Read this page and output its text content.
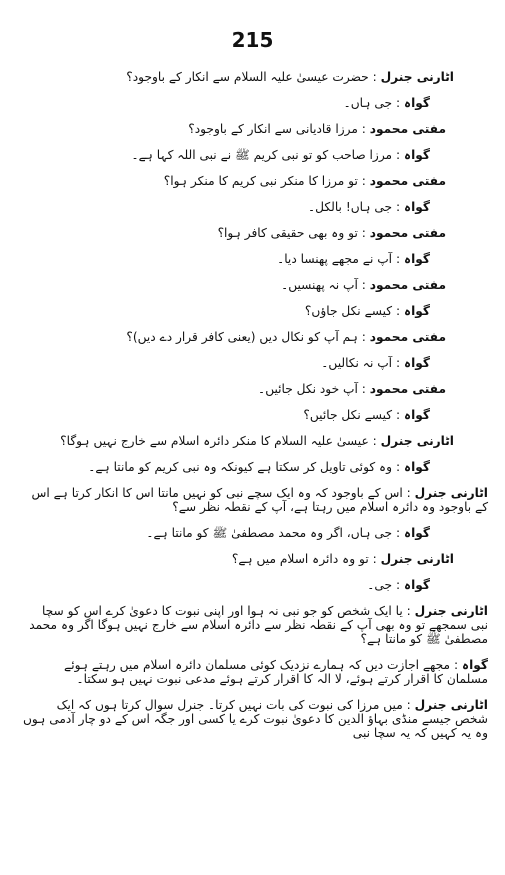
215
اٹارنی جنرل : حضرت عیسیٰ علیہ السلام سے انکار کے باوجود؟
گواہ : جی ہاں۔
مفتی محمود : مرزا قادیانی سے انکار کے باوجود؟
گواہ : مرزا صاحب کو تو نبی کریم ﷺ نے نبی اللہ کہا ہے۔
مفتی محمود : تو مرزا کا منکر نبی کریم کا منکر ہوا؟
گواہ : جی ہاں! بالکل۔
مفتی محمود : تو وہ بھی حقیقی کافر ہوا؟
گواہ : آپ نے مجھے پھنسا دیا۔
مفتی محمود : آپ نہ پھنسیں۔
گواہ : کیسے نکل جاؤں؟
مفتی محمود : ہم آپ کو نکال دیں (یعنی کافر قرار دے دیں)؟
گواہ : آپ نہ نکالیں۔
مفتی محمود : آپ خود نکل جائیں۔
گواہ : کیسے نکل جائیں؟
اٹارنی جنرل : عیسیٰ علیہ السلام کا منکر دائرہ اسلام سے خارج نہیں ہوگا؟
گواہ : وہ کوئی تاویل کر سکتا ہے کیونکہ وہ نبی کریم کو مانتا ہے۔
اٹارنی جنرل : اس کے باوجود کہ وہ ایک سچے نبی کو نہیں مانتا اس کا انکار کرتا ہے اس کے باوجود وہ دائرہ اسلام میں رہتا ہے، آپ کے نقطہ نظر سے؟
گواہ : جی ہاں، اگر وہ محمد مصطفیٰ ﷺ کو مانتا ہے۔
اٹارنی جنرل : تو وہ دائرہ اسلام میں ہے؟
گواہ : جی۔
اٹارنی جنرل : یا ایک شخص کو جو نبی نہ ہوا اور اپنی نبوت کا دعویٰ کرے اس کو سچا نبی سمجھے تو وہ بھی آپ کے نقطہ نظر سے دائرہ اسلام سے خارج نہیں ہوگا اگر وہ محمد مصطفیٰ ﷺ کو مانتا ہے؟
گواہ : مجھے اجازت دیں کہ ہمارے نزدیک کوئی مسلمان دائرہ اسلام میں رہتے ہوئے مسلمان کا اقرار کرتے ہوئے، لا الہ کا اقرار کرتے ہوئے مدعی نبوت نہیں ہو سکتا۔
اٹارنی جنرل : میں مرزا کی نبوت کی بات نہیں کرتا۔ جنرل سوال کرتا ہوں کہ ایک شخص جیسے منڈی بہاؤ الدین کا دعویٰ نبوت کرے یا کسی اور جگہ اس کے دو چار آدمی ہوں وہ یہ کہیں کہ یہ سچا نبی
